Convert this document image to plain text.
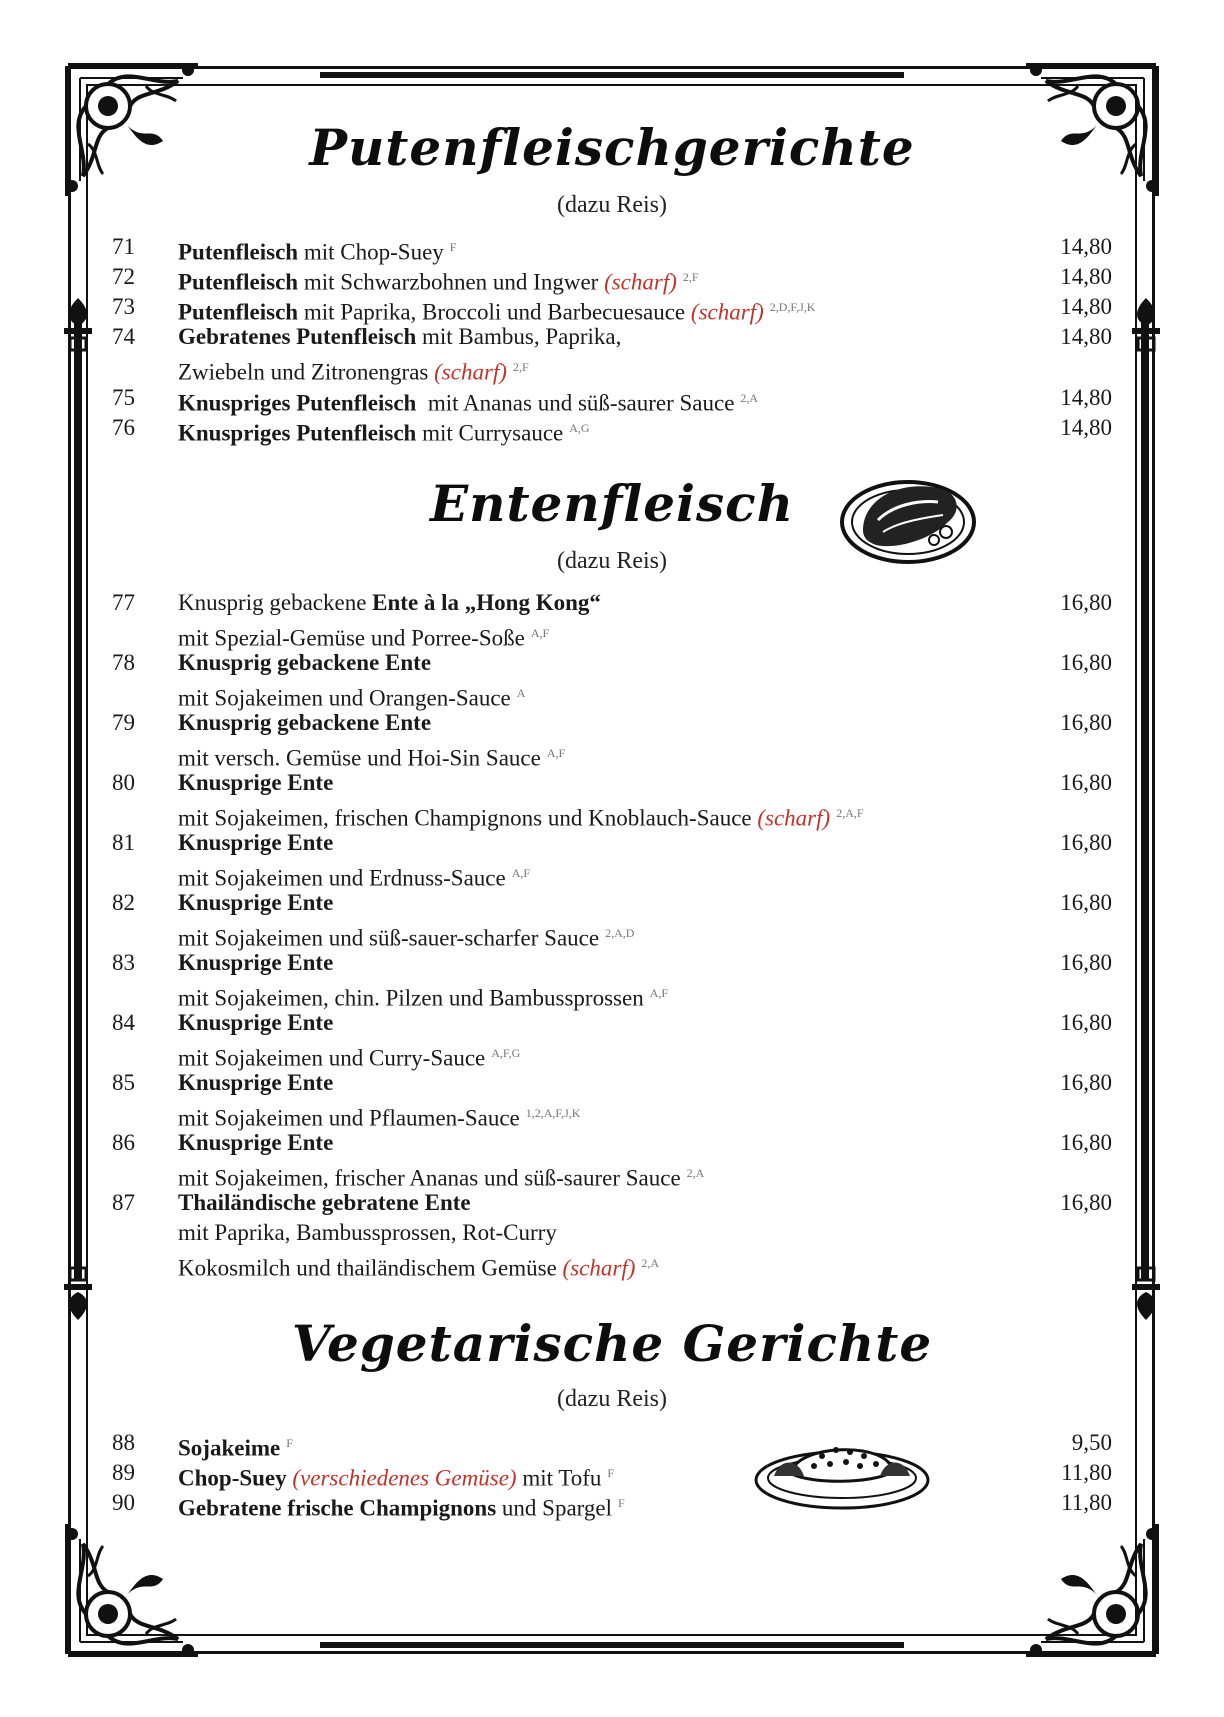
Putenfleischgerichte
(dazu Reis)
71	Putenfleisch mit Chop-Suey $^F$	14,80
72	Putenfleisch mit Schwarzbohnen und Ingwer (scharf) $^{2,F}$	14,80
73	Putenfleisch mit Paprika, Broccoli und Barbecuesauce (scharf) $^{2,D,F,J,K}$	14,80
74	Gebratenes Putenfleisch mit Bambus, Paprika,	14,80
Zwiebeln und Zitronengras (scharf) $^{2,F}$
75	Knuspriges Putenfleisch  mit Ananas und süß-saurer Sauce $^{2,A}$	14,80
76	Knuspriges Putenfleisch mit Currysauce $^{A,G}$	14,80
Entenfleisch
(dazu Reis)
77	Knusprig gebackene Ente à la „Hong Kong“	16,80
mit Spezial-Gemüse und Porree-Soße $^{A,F}$
78	Knusprig gebackene Ente	16,80
mit Sojakeimen und Orangen-Sauce $^A$
79	Knusprig gebackene Ente	16,80
mit versch. Gemüse und Hoi-Sin Sauce $^{A,F}$
80	Knusprige Ente	16,80
mit Sojakeimen, frischen Champignons und Knoblauch-Sauce (scharf) $^{2,A,F}$
81	Knusprige Ente	16,80
mit Sojakeimen und Erdnuss-Sauce $^{A,F}$
82	Knusprige Ente	16,80
mit Sojakeimen und süß-sauer-scharfer Sauce $^{2,A,D}$
83	Knusprige Ente	16,80
mit Sojakeimen, chin. Pilzen und Bambussprossen $^{A,F}$
84	Knusprige Ente	16,80
mit Sojakeimen und Curry-Sauce $^{A,F,G}$
85	Knusprige Ente	16,80
mit Sojakeimen und Pflaumen-Sauce $^{1,2,A,F,J,K}$
86	Knusprige Ente	16,80
mit Sojakeimen, frischer Ananas und süß-saurer Sauce $^{2,A}$
87	Thailändische gebratene Ente	16,80
mit Paprika, Bambussprossen, Rot-Curry
Kokosmilch und thailändischem Gemüse (scharf) $^{2,A}$
Vegetarische Gerichte
(dazu Reis)
88	Sojakeime $^F$	9,50
89	Chop-Suey (verschiedenes Gemüse) mit Tofu $^F$	11,80
90	Gebratene frische Champignons und Spargel $^F$	11,80
